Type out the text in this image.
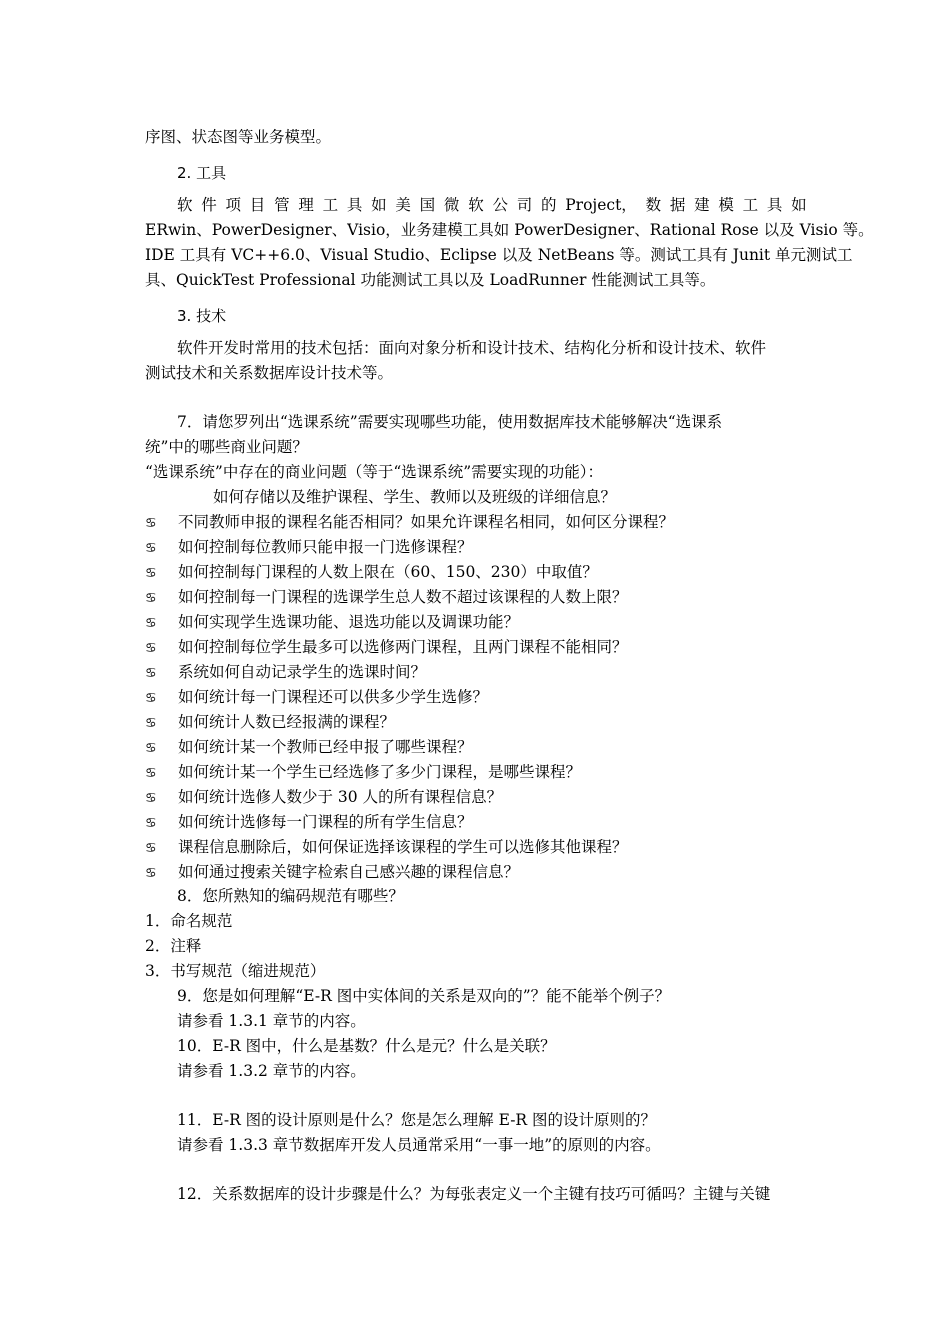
序图、状态图等业务模型。
2. 工具
软 件 项 目 管 理 工 具 如 美 国 微 软 公 司 的 Project， 数 据 建 模 工 具 如
ERwin、PowerDesigner、Visio，业务建模工具如 PowerDesigner、Rational Rose 以及 Visio 等。
IDE 工具有 VC++6.0、Visual Studio、Eclipse 以及 NetBeans 等。测试工具有 Junit 单元测试工
具、QuickTest Professional 功能测试工具以及 LoadRunner 性能测试工具等。
3. 技术
软件开发时常用的技术包括：面向对象分析和设计技术、结构化分析和设计技术、软件
测试技术和关系数据库设计技术等。
7．请您罗列出“选课系统”需要实现哪些功能，使用数据库技术能够解决“选课系
统”中的哪些商业问题？
“选课系统”中存在的商业问题（等于“选课系统”需要实现的功能）：
如何存储以及维护课程、学生、教师以及班级的详细信息？
♋ 不同教师申报的课程名能否相同？如果允许课程名相同，如何区分课程？
♋ 如何控制每位教师只能申报一门选修课程？
♋ 如何控制每门课程的人数上限在（60、150、230）中取值？
♋ 如何控制每一门课程的选课学生总人数不超过该课程的人数上限？
♋ 如何实现学生选课功能、退选功能以及调课功能？
♋ 如何控制每位学生最多可以选修两门课程，且两门课程不能相同？
♋ 系统如何自动记录学生的选课时间？
♋ 如何统计每一门课程还可以供多少学生选修？
♋ 如何统计人数已经报满的课程？
♋ 如何统计某一个教师已经申报了哪些课程？
♋ 如何统计某一个学生已经选修了多少门课程，是哪些课程？
♋ 如何统计选修人数少于 30 人的所有课程信息？
♋ 如何统计选修每一门课程的所有学生信息？
♋ 课程信息删除后，如何保证选择该课程的学生可以选修其他课程？
♋ 如何通过搜索关键字检索自己感兴趣的课程信息？
8．您所熟知的编码规范有哪些？
1．命名规范
2．注释
3．书写规范（缩进规范）
9．您是如何理解“E-R 图中实体间的关系是双向的”？能不能举个例子？
请参看 1.3.1 章节的内容。
10．E-R 图中，什么是基数？什么是元？什么是关联？
请参看 1.3.2 章节的内容。
11．E-R 图的设计原则是什么？您是怎么理解 E-R 图的设计原则的？
请参看 1.3.3 章节数据库开发人员通常采用“一事一地”的原则的内容。
12．关系数据库的设计步骤是什么？为每张表定义一个主键有技巧可循吗？主键与关键
